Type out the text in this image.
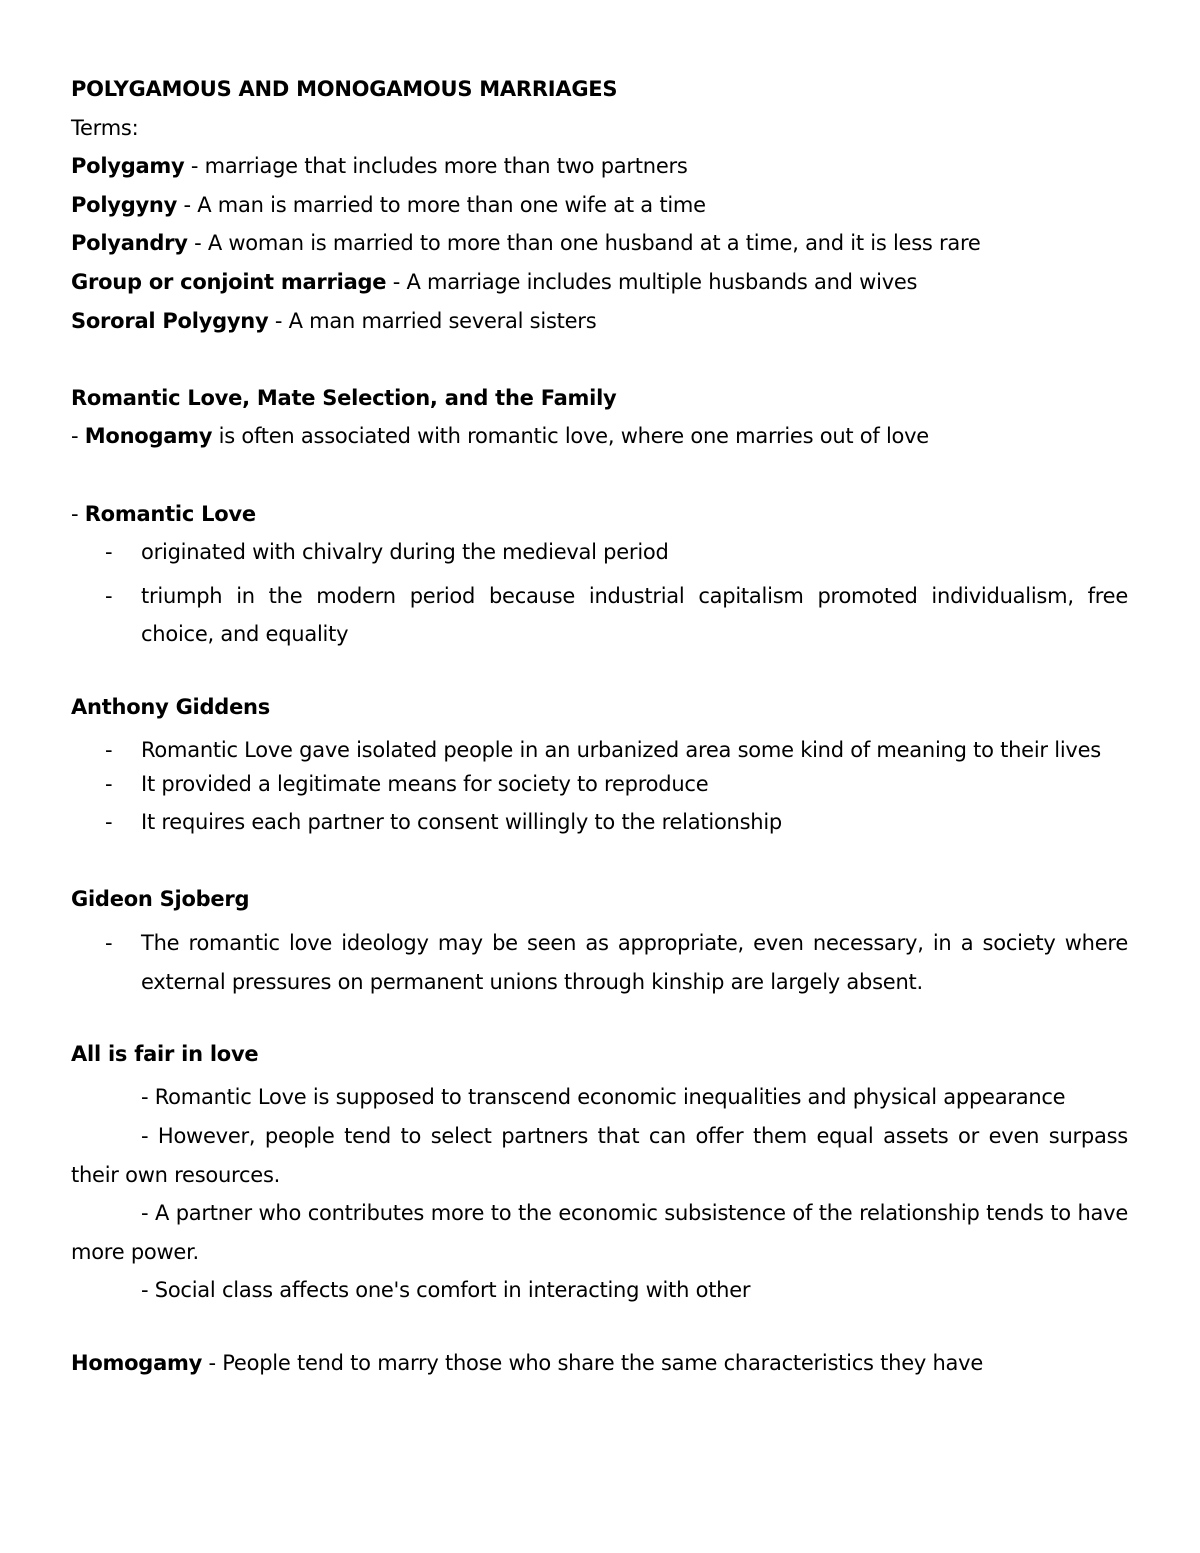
POLYGAMOUS AND MONOGAMOUS MARRIAGES
Terms:
Polygamy - marriage that includes more than two partners
Polygyny - A man is married to more than one wife at a time
Polyandry - A woman is married to more than one husband at a time, and it is less rare
Group or conjoint marriage - A marriage includes multiple husbands and wives
Sororal Polygyny - A man married several sisters
Romantic Love, Mate Selection, and the Family
- Monogamy is often associated with romantic love, where one marries out of love
- Romantic Love
- originated with chivalry during the medieval period
- triumph in the modern period because industrial capitalism promoted individualism, free choice, and equality
Anthony Giddens
- Romantic Love gave isolated people in an urbanized area some kind of meaning to their lives
- It provided a legitimate means for society to reproduce
- It requires each partner to consent willingly to the relationship
Gideon Sjoberg
- The romantic love ideology may be seen as appropriate, even necessary, in a society where external pressures on permanent unions through kinship are largely absent.
All is fair in love
- Romantic Love is supposed to transcend economic inequalities and physical appearance
- However, people tend to select partners that can offer them equal assets or even surpass their own resources.
- A partner who contributes more to the economic subsistence of the relationship tends to have more power.
- Social class affects one's comfort in interacting with other
Homogamy - People tend to marry those who share the same characteristics they have
